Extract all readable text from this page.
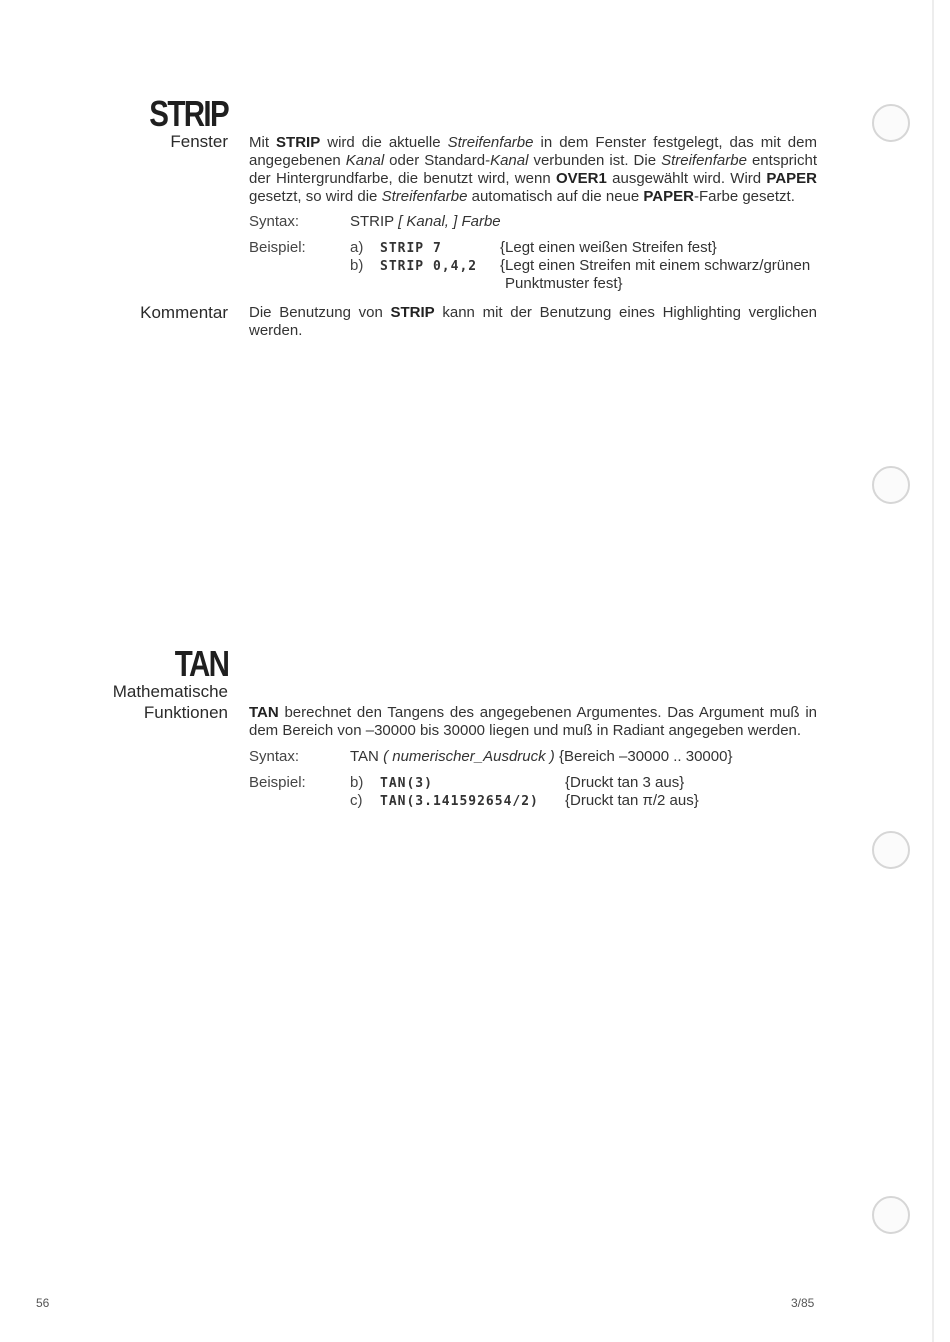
STRIP
Fenster Mit STRIP wird die aktuelle Streifenfarbe in dem Fenster festgelegt, das mit dem angegebenen Kanal oder Standard-Kanal verbunden ist. Die Streifenfarbe entspricht der Hintergrundfarbe, die benutzt wird, wenn OVER1 ausgewählt wird. Wird PAPER gesetzt, so wird die Streifenfarbe automatisch auf die neue PAPER-Farbe gesetzt.
Syntax:	STRIP [ Kanal, ] Farbe
Beispiel:	a) STRIP 7	{Legt einen weißen Streifen fest}
b) STRIP 0,4,2 {Legt einen Streifen mit einem schwarz/grünen
Punktmuster fest}
Kommentar Die Benutzung von STRIP kann mit der Benutzung eines Highlighting verglichen werden.
TAN
Mathematische
Funktionen TAN berechnet den Tangens des angegebenen Argumentes. Das Argument muß in dem Bereich von –30000 bis 30000 liegen und muß in Radiant angegeben werden.
Syntax:	TAN ( numerischer_Ausdruck ) {Bereich –30000 .. 30000}
Beispiel:	b) TAN(3)	{Druckt tan 3 aus}
c) TAN(3.141592654/2) {Druckt tan π/2 aus}
56	3/85
